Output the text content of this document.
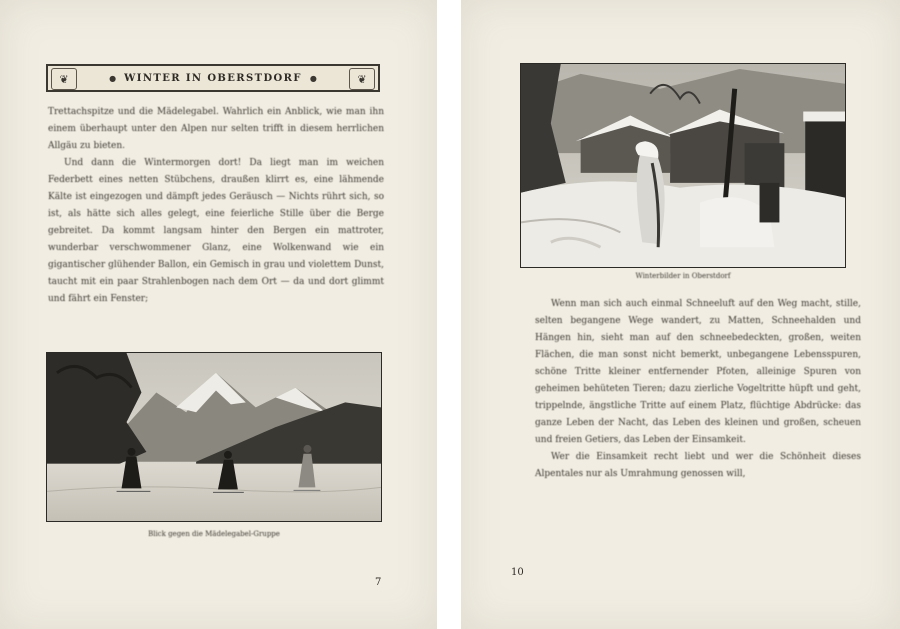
❦	● WINTER IN OBERSTDORF ●	❦

Trettachspitze und die Mädelegabel. Wahrlich ein Anblick, wie man ihn einem überhaupt unter den Alpen nur selten trifft in diesem herrlichen Allgäu zu bieten.

Und dann die Wintermorgen dort! Da liegt man im weichen Federbett eines netten Stübchens, draußen klirrt es, eine lähmende Kälte ist eingezogen und dämpft jedes Geräusch — Nichts rührt sich, so ist, als hätte sich alles gelegt, eine feierliche Stille über die Berge gebreitet. Da kommt langsam hinter den Bergen ein mattroter, wunderbar verschwommener Glanz, eine Wolkenwand wie ein gigantischer glühender Ballon, ein Gemisch in grau und violettem Dunst, taucht mit ein paar Strahlenbogen nach dem Ort — da und dort glimmt und fährt ein Fenster;

Blick gegen die Mädelegabel-Gruppe
7
Winterbilder in Oberstdorf

Wenn man sich auch einmal Schneeluft auf den Weg macht, stille, selten begangene Wege wandert, zu Matten, Schneehalden und Hängen hin, sieht man auf den schneebedeckten, großen, weiten Flächen, die man sonst nicht bemerkt, unbegangene Lebensspuren, schöne Tritte kleiner entfernender Pfoten, alleinige Spuren von geheimen behüteten Tieren; dazu zierliche Vogeltritte hüpft und geht, trippelnde, ängstliche Tritte auf einem Platz, flüchtige Abdrücke: das ganze Leben der Nacht, das Leben des kleinen und großen, scheuen und freien Getiers, das Leben der Einsamkeit.

Wer die Einsamkeit recht liebt und wer die Schönheit dieses Alpentales nur als Umrahmung genossen will,

10
